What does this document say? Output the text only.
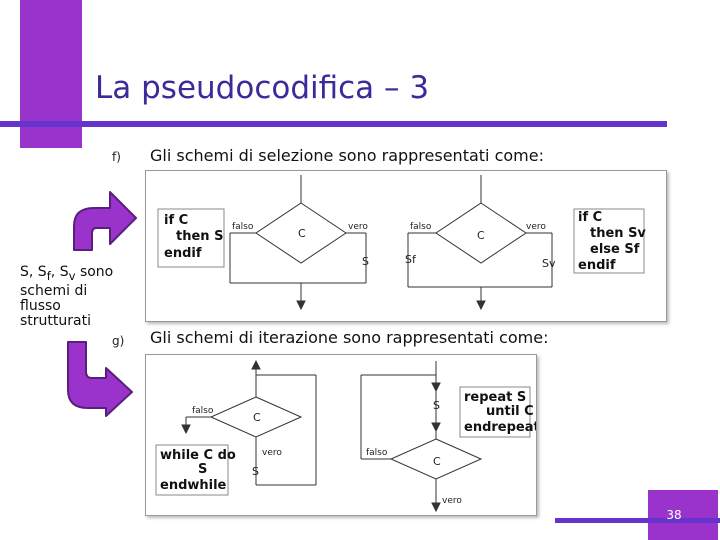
La pseudocodifica – 3
f) Gli schemi di selezione sono rappresentati come:
g) Gli schemi di iterazione sono rappresentati come:
S, $S_f$, $S_v$ sono schemi di flusso strutturati
if C
then S
endif
C
falso	vero
S
C
falso	vero
Sf	Sv
if C
then Sv
else Sf
endif
C
falso
vero
S
while C do
S
endwhile
S
C
falso
vero
repeat S
until C
endrepeat
38
